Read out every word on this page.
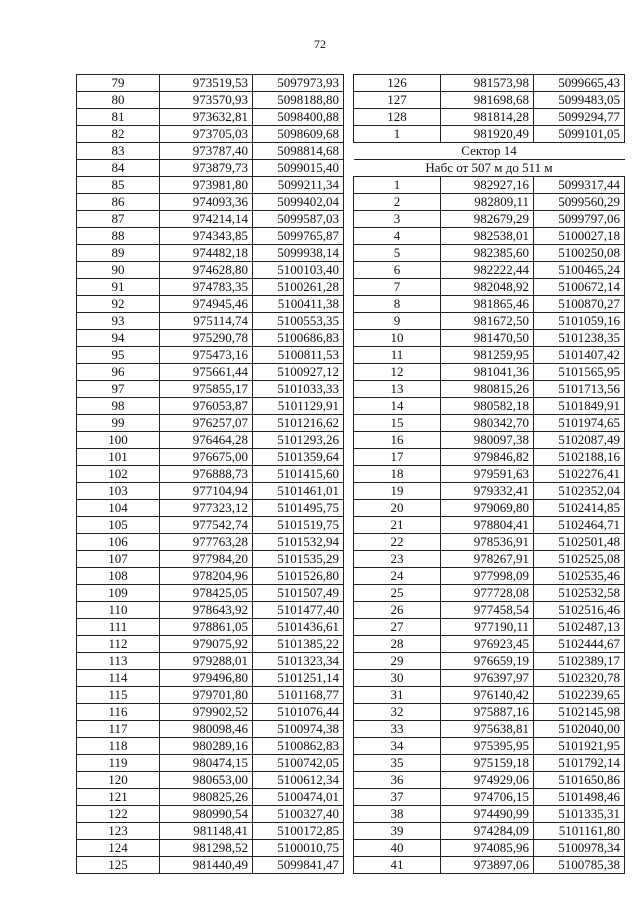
72
79	973519,53	5097973,93
80	973570,93	5098188,80
81	973632,81	5098400,88
82	973705,03	5098609,68
83	973787,40	5098814,68
84	973879,73	5099015,40
85	973981,80	5099211,34
86	974093,36	5099402,04
87	974214,14	5099587,03
88	974343,85	5099765,87
89	974482,18	5099938,14
90	974628,80	5100103,40
91	974783,35	5100261,28
92	974945,46	5100411,38
93	975114,74	5100553,35
94	975290,78	5100686,83
95	975473,16	5100811,53
96	975661,44	5100927,12
97	975855,17	5101033,33
98	976053,87	5101129,91
99	976257,07	5101216,62
100	976464,28	5101293,26
101	976675,00	5101359,64
102	976888,73	5101415,60
103	977104,94	5101461,01
104	977323,12	5101495,75
105	977542,74	5101519,75
106	977763,28	5101532,94
107	977984,20	5101535,29
108	978204,96	5101526,80
109	978425,05	5101507,49
110	978643,92	5101477,40
111	978861,05	5101436,61
112	979075,92	5101385,22
113	979288,01	5101323,34
114	979496,80	5101251,14
115	979701,80	5101168,77
116	979902,52	5101076,44
117	980098,46	5100974,38
118	980289,16	5100862,83
119	980474,15	5100742,05
120	980653,00	5100612,34
121	980825,26	5100474,01
122	980990,54	5100327,40
123	981148,41	5100172,85
124	981298,52	5100010,75
125	981440,49	5099841,47
126	981573,98	5099665,43
127	981698,68	5099483,05
128	981814,28	5099294,77
1	981920,49	5099101,05
Сектор 14		
Набс от 507 м до 511 м		
1	982927,16	5099317,44
2	982809,11	5099560,29
3	982679,29	5099797,06
4	982538,01	5100027,18
5	982385,60	5100250,08
6	982222,44	5100465,24
7	982048,92	5100672,14
8	981865,46	5100870,27
9	981672,50	5101059,16
10	981470,50	5101238,35
11	981259,95	5101407,42
12	981041,36	5101565,95
13	980815,26	5101713,56
14	980582,18	5101849,91
15	980342,70	5101974,65
16	980097,38	5102087,49
17	979846,82	5102188,16
18	979591,63	5102276,41
19	979332,41	5102352,04
20	979069,80	5102414,85
21	978804,41	5102464,71
22	978536,91	5102501,48
23	978267,91	5102525,08
24	977998,09	5102535,46
25	977728,08	5102532,58
26	977458,54	5102516,46
27	977190,11	5102487,13
28	976923,45	5102444,67
29	976659,19	5102389,17
30	976397,97	5102320,78
31	976140,42	5102239,65
32	975887,16	5102145,98
33	975638,81	5102040,00
34	975395,95	5101921,95
35	975159,18	5101792,14
36	974929,06	5101650,86
37	974706,15	5101498,46
38	974490,99	5101335,31
39	974284,09	5101161,80
40	974085,96	5100978,34
41	973897,06	5100785,38
